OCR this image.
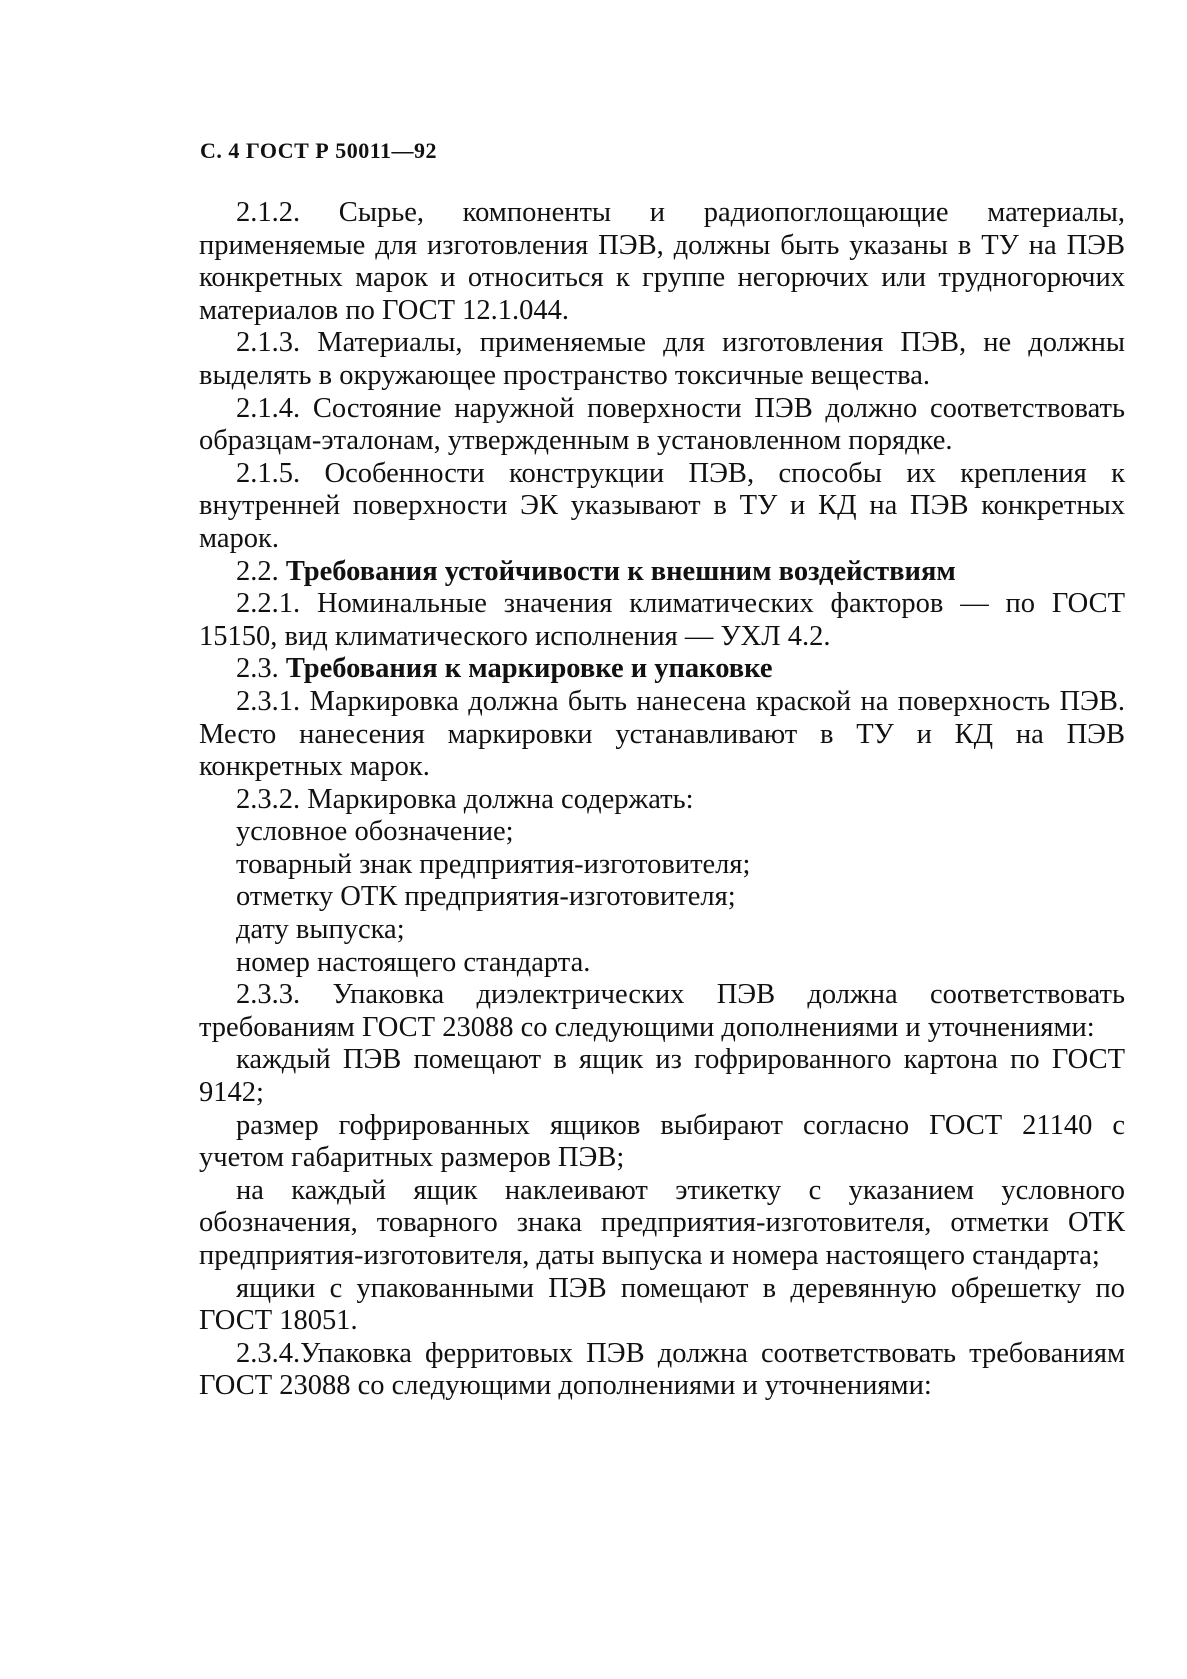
С. 4 ГОСТ Р 50011—92

2.1.2. Сырье, компоненты и радиопоглощающие материалы, применяемые для изготовления ПЭВ, должны быть указаны в ТУ на ПЭВ конкретных марок и относиться к группе негорючих или трудногорючих материалов по ГОСТ 12.1.044.

2.1.3. Материалы, применяемые для изготовления ПЭВ, не должны выделять в окружающее пространство токсичные вещества.

2.1.4. Состояние наружной поверхности ПЭВ должно соответствовать образцам-эталонам, утвержденным в установленном порядке.

2.1.5. Особенности конструкции ПЭВ, способы их крепления к внутренней поверхности ЭК указывают в ТУ и КД на ПЭВ конкретных марок.

2.2. Требования устойчивости к внешним воздействиям

2.2.1. Номинальные значения климатических факторов — по ГОСТ 15150, вид климатического исполнения — УХЛ 4.2.

2.3. Требования к маркировке и упаковке

2.3.1. Маркировка должна быть нанесена краской на поверхность ПЭВ. Место нанесения маркировки устанавливают в ТУ и КД на ПЭВ конкретных марок.

2.3.2. Маркировка должна содержать:

условное обозначение;

товарный знак предприятия-изготовителя;

отметку ОТК предприятия-изготовителя;

дату выпуска;

номер настоящего стандарта.

2.3.3. Упаковка диэлектрических ПЭВ должна соответствовать требованиям ГОСТ 23088 со следующими дополнениями и уточнениями:

каждый ПЭВ помещают в ящик из гофрированного картона по ГОСТ 9142;

размер гофрированных ящиков выбирают согласно ГОСТ 21140 с учетом габаритных размеров ПЭВ;

на каждый ящик наклеивают этикетку с указанием условного обозначения, товарного знака предприятия-изготовителя, отметки ОТК предприятия-изготовителя, даты выпуска и номера настоящего стандарта;

ящики с упакованными ПЭВ помещают в деревянную обрешетку по ГОСТ 18051.

2.3.4.Упаковка ферритовых ПЭВ должна соответствовать требованиям ГОСТ 23088 со следующими дополнениями и уточнениями:
